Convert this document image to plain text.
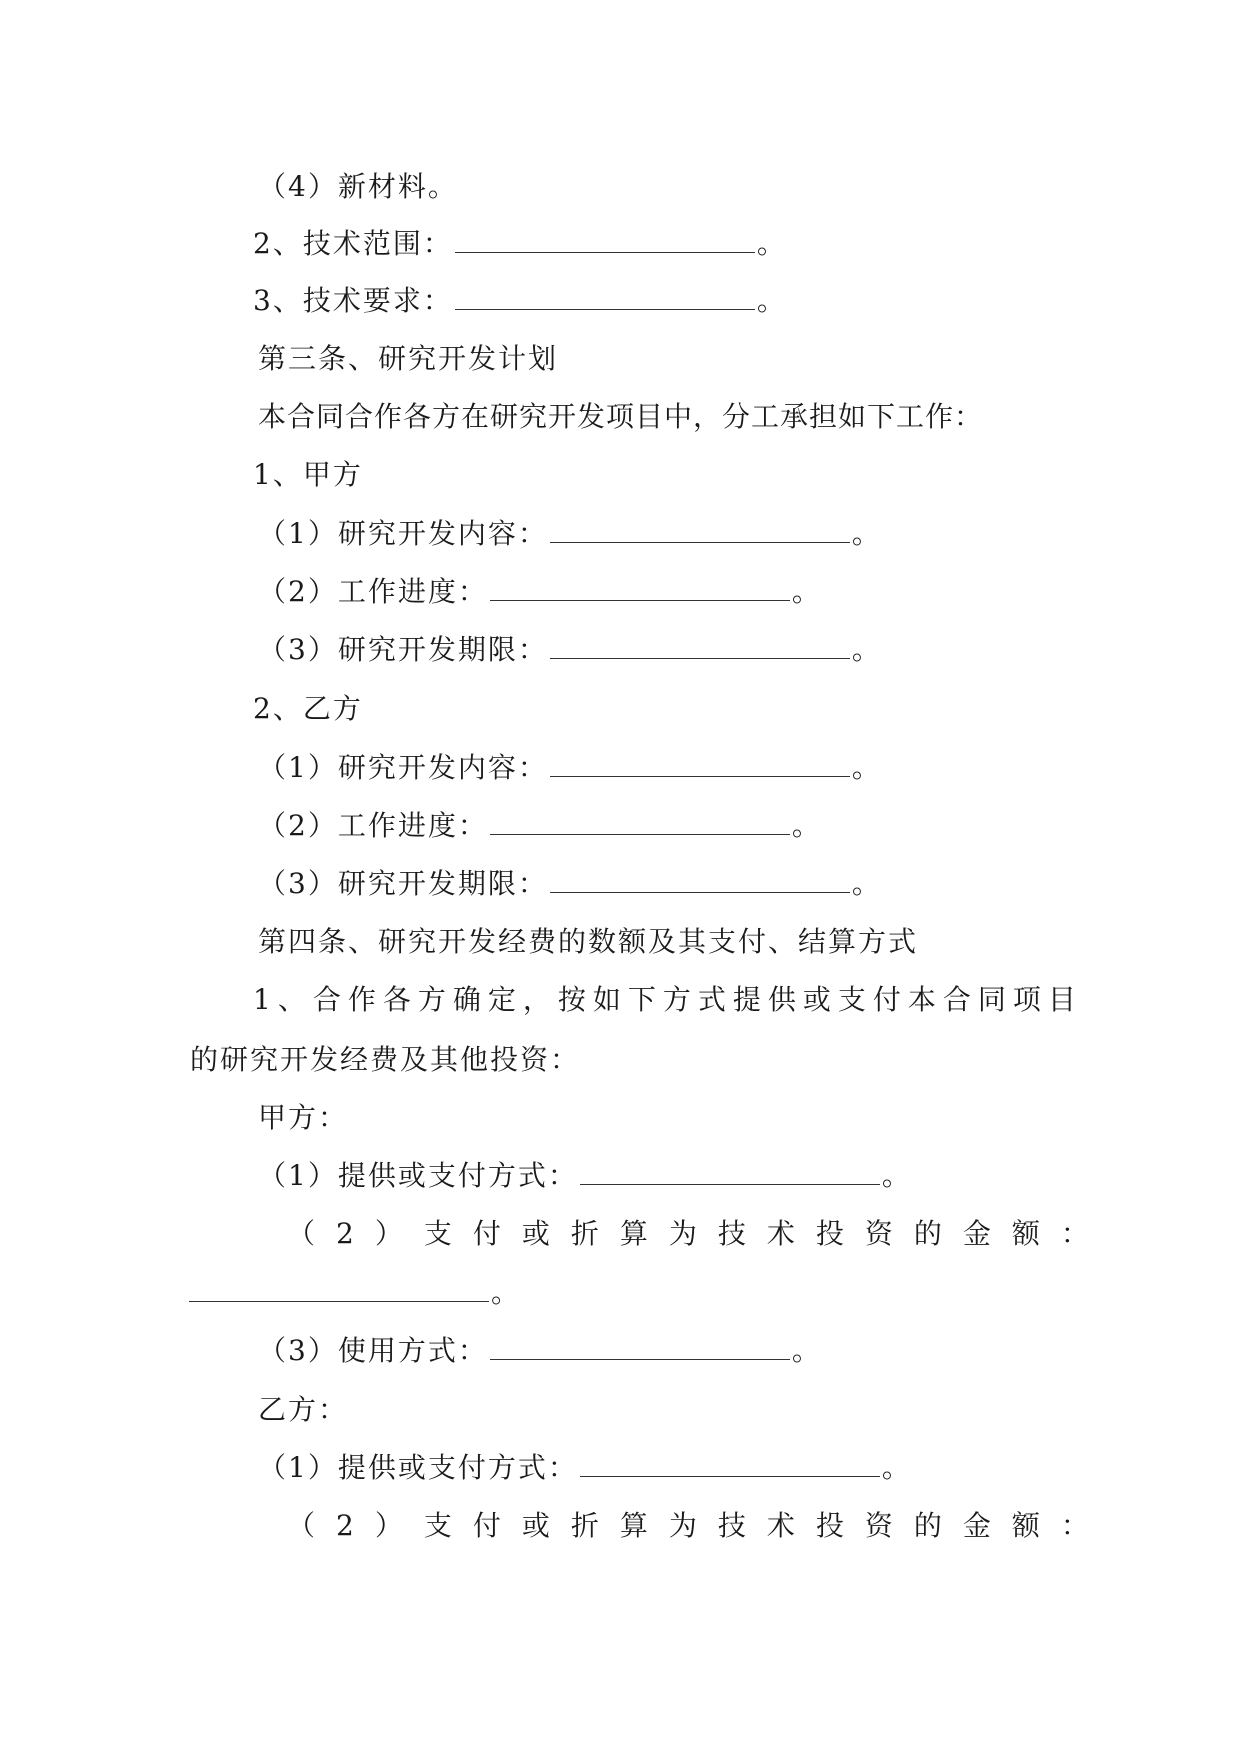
（4）新材料。
2、技术范围：	。
3、技术要求：	。
第三条、研究开发计划
本合同合作各方在研究开发项目中，分工承担如下工作：
1、甲方
（1）研究开发内容：	。
（2）工作进度：	。
（3）研究开发期限：	。
2、乙方
（1）研究开发内容：	。
（2）工作进度：	。
（3）研究开发期限：	。
第四条、研究开发经费的数额及其支付、结算方式
1、合作各方确定，按如下方式提供或支付本合同项目
的研究开发经费及其他投资：
甲方：
（1）提供或支付方式：	。
（2）支付或折算为技术投资的金额：
。
（3）使用方式：	。
乙方：
（1）提供或支付方式：	。
（2）支付或折算为技术投资的金额：
